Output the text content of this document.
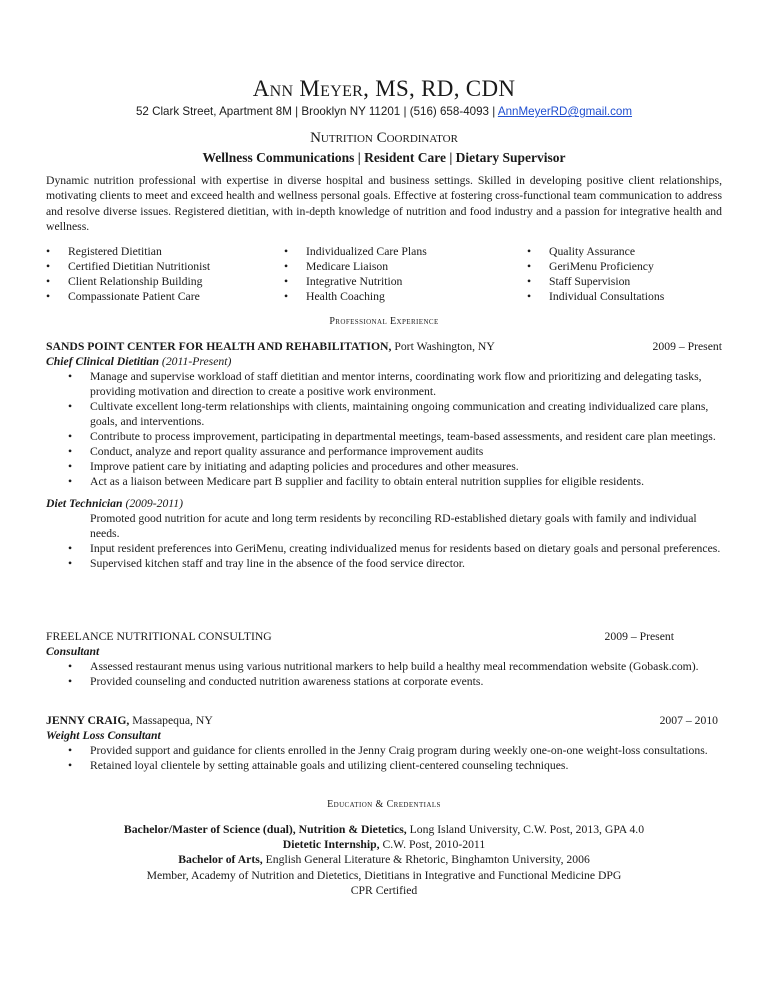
Ann Meyer, MS, RD, CDN
52 Clark Street, Apartment 8M | Brooklyn NY 11201 | (516) 658-4093 | AnnMeyerRD@gmail.com
Nutrition Coordinator
Wellness Communications | Resident Care | Dietary Supervisor
Dynamic nutrition professional with expertise in diverse hospital and business settings. Skilled in developing positive client relationships, motivating clients to meet and exceed health and wellness personal goals. Effective at fostering cross-functional team communication to address and resolve diverse issues. Registered dietitian, with in-depth knowledge of nutrition and food industry and a passion for integrative health and wellness.
•	Registered Dietitian
•	Certified Dietitian Nutritionist
•	Client Relationship Building
•	Compassionate Patient Care
•	Individualized Care Plans
•	Medicare Liaison
•	Integrative Nutrition
•	Health Coaching
•	Quality Assurance
•	GeriMenu Proficiency
•	Staff Supervision
•	Individual Consultations
Professional Experience
SANDS POINT CENTER FOR HEALTH AND REHABILITATION, Port Washington, NY	2009 – Present
Chief Clinical Dietitian (2011-Present)
• Manage and supervise workload of staff dietitian and mentor interns, coordinating work flow and prioritizing and delegating tasks, providing motivation and direction to create a positive work environment.
• Cultivate excellent long-term relationships with clients, maintaining ongoing communication and creating individualized care plans, goals, and interventions.
• Contribute to process improvement, participating in departmental meetings, team-based assessments, and resident care plan meetings.
• Conduct, analyze and report quality assurance and performance improvement audits
• Improve patient care by initiating and adapting policies and procedures and other measures.
• Act as a liaison between Medicare part B supplier and facility to obtain enteral nutrition supplies for eligible residents.
Diet Technician (2009-2011)
Promoted good nutrition for acute and long term residents by reconciling RD-established dietary goals with family and individual needs.
• Input resident preferences into GeriMenu, creating individualized menus for residents based on dietary goals and personal preferences.
• Supervised kitchen staff and tray line in the absence of the food service director.
FREELANCE NUTRITIONAL CONSULTING	2009 – Present
Consultant
• Assessed restaurant menus using various nutritional markers to help build a healthy meal recommendation website (Gobask.com).
• Provided counseling and conducted nutrition awareness stations at corporate events.
JENNY CRAIG, Massapequa, NY	2007 – 2010
Weight Loss Consultant
• Provided support and guidance for clients enrolled in the Jenny Craig program during weekly one-on-one weight-loss consultations.
• Retained loyal clientele by setting attainable goals and utilizing client-centered counseling techniques.
Education & Credentials
Bachelor/Master of Science (dual), Nutrition & Dietetics, Long Island University, C.W. Post, 2013, GPA 4.0
Dietetic Internship, C.W. Post, 2010-2011
Bachelor of Arts, English General Literature & Rhetoric, Binghamton University, 2006
Member, Academy of Nutrition and Dietetics, Dietitians in Integrative and Functional Medicine DPG
CPR Certified
